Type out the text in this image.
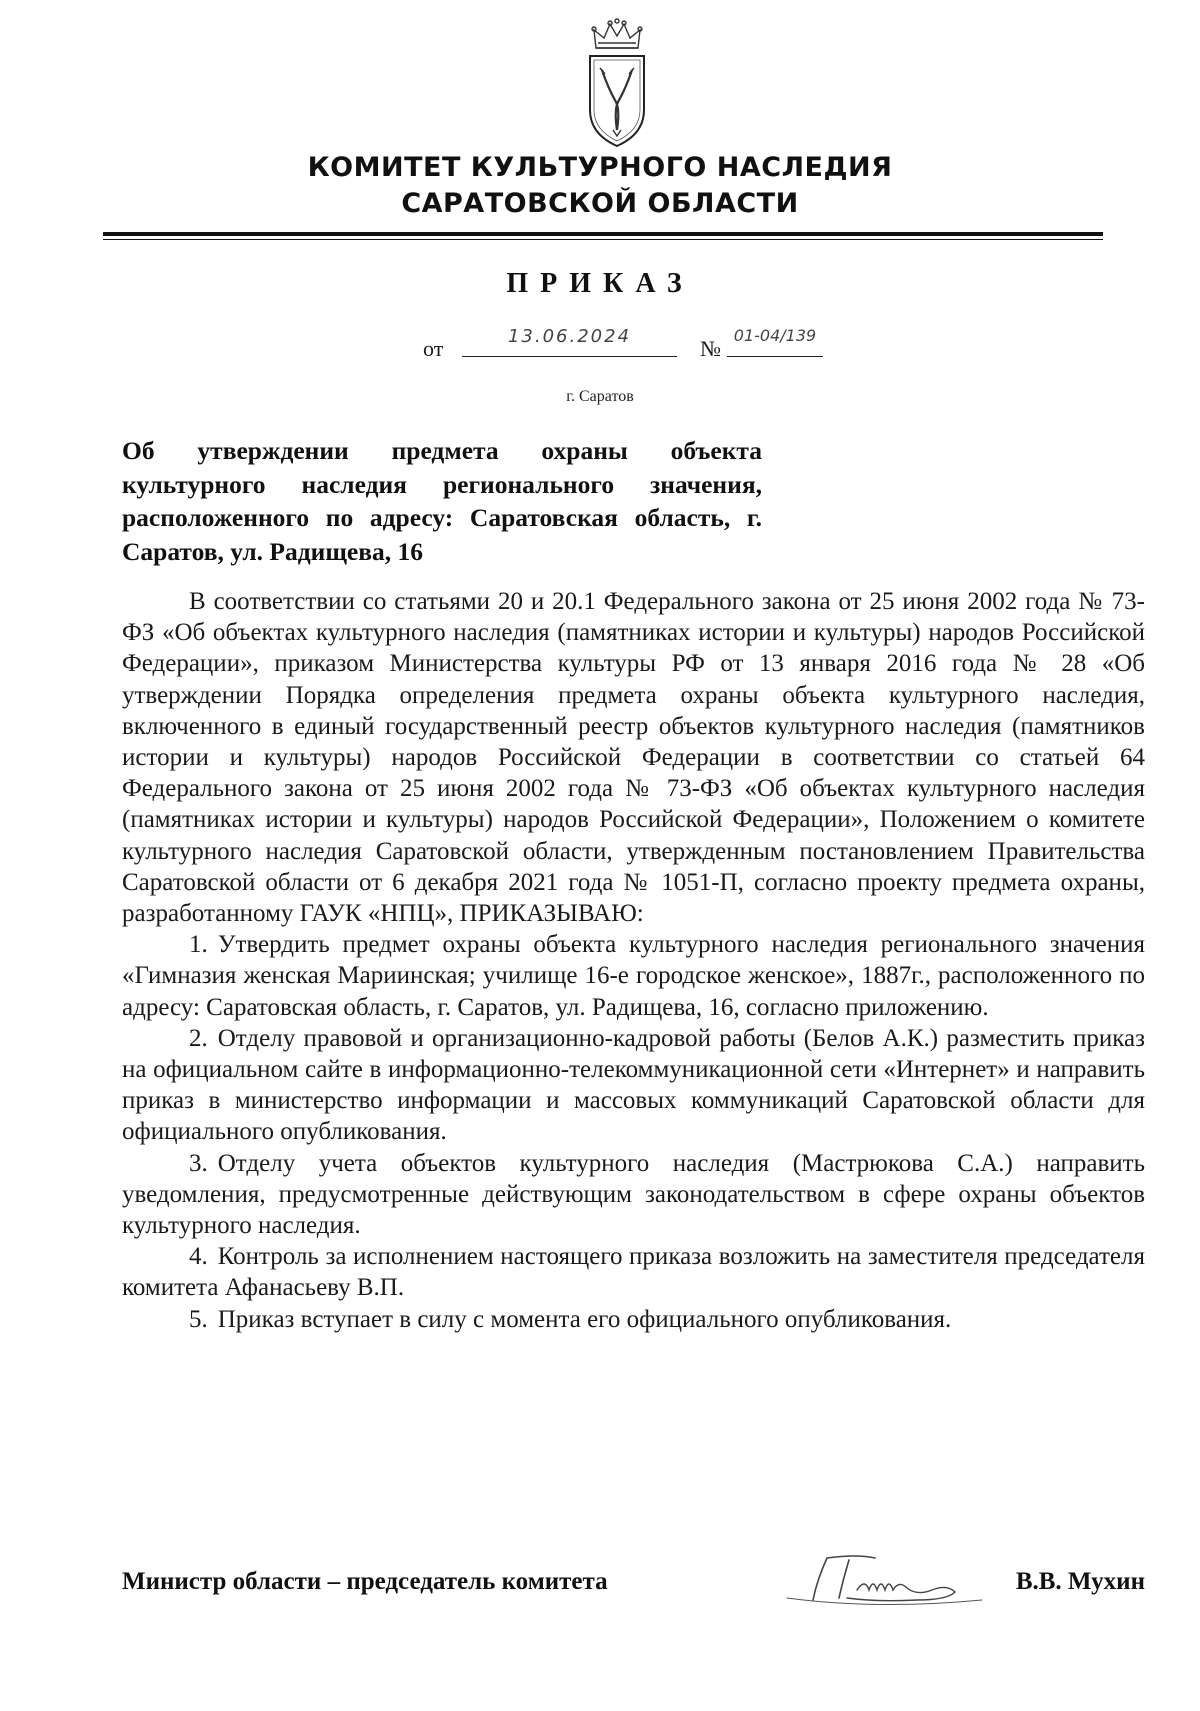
КОМИТЕТ КУЛЬТУРНОГО НАСЛЕДИЯ
САРАТОВСКОЙ ОБЛАСТИ
ПРИКАЗ
от	13.06.2024	№
01-04/139
г. Саратов
Об утверждении предмета охраны объекта культурного наследия регионального значения, расположенного по адресу: Саратовская область, г. Саратов, ул. Радищева, 16

В соответствии со статьями 20 и 20.1 Федерального закона от 25 июня 2002 года № 73-ФЗ «Об объектах культурного наследия (памятниках истории и культуры) народов Российской Федерации», приказом Министерства культуры РФ от 13 января 2016 года № 28 «Об утверждении Порядка определения предмета охраны объекта культурного наследия, включенного в единый государственный реестр объектов культурного наследия (памятников истории и культуры) народов Российской Федерации в соответствии со статьей 64 Федерального закона от 25 июня 2002 года № 73-ФЗ «Об объектах культурного наследия (памятниках истории и культуры) народов Российской Федерации», Положением о комитете культурного наследия Саратовской области, утвержденным постановлением Правительства Саратовской области от 6 декабря 2021 года № 1051-П, согласно проекту предмета охраны, разработанному ГАУК «НПЦ», ПРИКАЗЫВАЮ:

1. Утвердить предмет охраны объекта культурного наследия регионального значения «Гимназия женская Мариинская; училище 16-е городское женское», 1887г., расположенного по адресу: Саратовская область, г. Саратов, ул. Радищева, 16, согласно приложению.

2. Отделу правовой и организационно-кадровой работы (Белов А.К.) разместить приказ на официальном сайте в информационно-телекоммуникационной сети «Интернет» и направить приказ в министерство информации и массовых коммуникаций Саратовской области для официального опубликования.

3. Отделу учета объектов культурного наследия (Мастрюкова С.А.) направить уведомления, предусмотренные действующим законодательством в сфере охраны объектов культурного наследия.

4. Контроль за исполнением настоящего приказа возложить на заместителя председателя комитета Афанасьеву В.П.

5. Приказ вступает в силу с момента его официального опубликования.

Министр области – председатель комитета	В.В. Мухин
